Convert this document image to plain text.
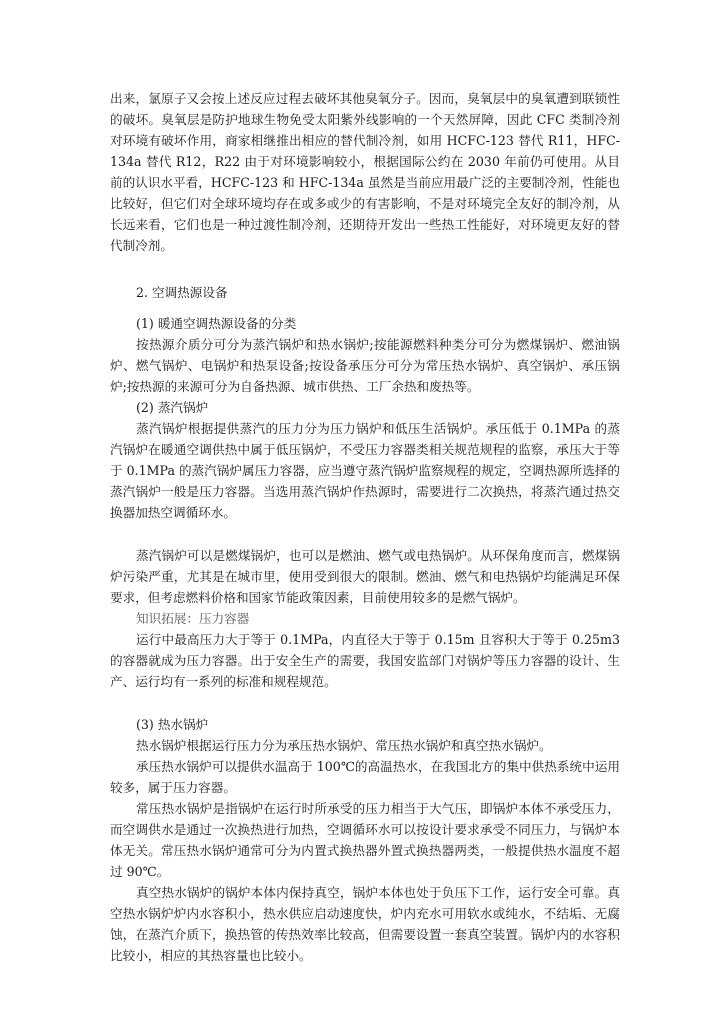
出来，氯原子又会按上述反应过程去破坏其他臭氧分子。因而，臭氧层中的臭氧遭到联锁性的破坏。臭氧层是防护地球生物免受太阳紫外线影响的一个天然屏障，因此 CFC 类制冷剂对环境有破坏作用，商家相继推出相应的替代制冷剂，如用 HCFC-123 替代 R11，HFC-134a 替代 R12，R22 由于对环境影响较小，根据国际公约在 2030 年前仍可使用。从目前的认识水平看，HCFC-123 和 HFC-134a 虽然是当前应用最广泛的主要制冷剂，性能也比较好，但它们对全球环境均存在或多或少的有害影响，不是对环境完全友好的制冷剂，从长远来看，它们也是一种过渡性制冷剂，还期待开发出一些热工性能好，对环境更友好的替代制冷剂。

2. 空调热源设备

(1) 暖通空调热源设备的分类

按热源介质分可分为蒸汽锅炉和热水锅炉;按能源燃料种类分可分为燃煤锅炉、燃油锅炉、燃气锅炉、电锅炉和热泵设备;按设备承压分可分为常压热水锅炉、真空锅炉、承压锅炉;按热源的来源可分为自备热源、城市供热、工厂余热和废热等。

(2) 蒸汽锅炉

蒸汽锅炉根据提供蒸汽的压力分为压力锅炉和低压生活锅炉。承压低于 0.1MPa 的蒸汽锅炉在暖通空调供热中属于低压锅炉，不受压力容器类相关规范规程的监察，承压大于等于 0.1MPa 的蒸汽锅炉属压力容器，应当遵守蒸汽锅炉监察规程的规定，空调热源所选择的蒸汽锅炉一般是压力容器。当选用蒸汽锅炉作热源时，需要进行二次换热，将蒸汽通过热交换器加热空调循环水。

蒸汽锅炉可以是燃煤锅炉，也可以是燃油、燃气或电热锅炉。从环保角度而言，燃煤锅炉污染严重，尤其是在城市里，使用受到很大的限制。燃油、燃气和电热锅炉均能满足环保要求，但考虑燃料价格和国家节能政策因素，目前使用较多的是燃气锅炉。

知识拓展：压力容器

运行中最高压力大于等于 0.1MPa，内直径大于等于 0.15m 且容积大于等于 0.25m3 的容器就成为压力容器。出于安全生产的需要，我国安监部门对锅炉等压力容器的设计、生产、运行均有一系列的标准和规程规范。

(3) 热水锅炉

热水锅炉根据运行压力分为承压热水锅炉、常压热水锅炉和真空热水锅炉。

承压热水锅炉可以提供水温高于 100℃的高温热水，在我国北方的集中供热系统中运用较多，属于压力容器。

常压热水锅炉是指锅炉在运行时所承受的压力相当于大气压，即锅炉本体不承受压力，而空调供水是通过一次换热进行加热，空调循环水可以按设计要求承受不同压力，与锅炉本体无关。常压热水锅炉通常可分为内置式换热器外置式换热器两类，一般提供热水温度不超过 90℃。

真空热水锅炉的锅炉本体内保持真空，锅炉本体也处于负压下工作，运行安全可靠。真空热水锅炉炉内水容积小，热水供应启动速度快，炉内充水可用软水或纯水，不结垢、无腐蚀，在蒸汽介质下，换热管的传热效率比较高，但需要设置一套真空装置。锅炉内的水容积比较小，相应的其热容量也比较小。
